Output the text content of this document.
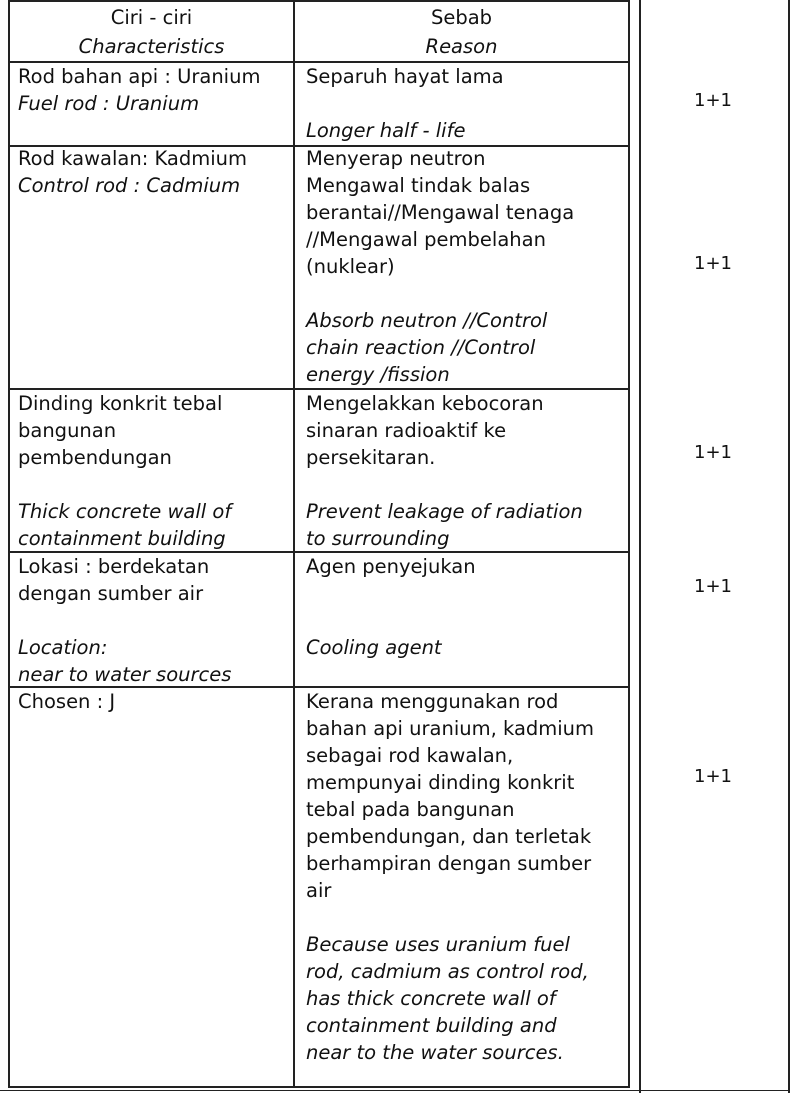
Ciri - ciri
Characteristics
Sebab
Reason
Rod bahan api : Uranium
Fuel rod : Uranium
Separuh hayat lama
Longer half - life
1+1
Rod kawalan: Kadmium
Control rod : Cadmium
Menyerap neutron
Mengawal tindak balas
berantai//Mengawal tenaga
//Mengawal pembelahan
(nuklear)
Absorb neutron //Control
chain reaction //Control
energy /fission
1+1
Dinding konkrit tebal
bangunan
pembendungan
Thick concrete wall of
containment building
Mengelakkan kebocoran
sinaran radioaktif ke
persekitaran.
Prevent leakage of radiation
to surrounding
1+1
Lokasi : berdekatan
dengan sumber air
Location:
near to water sources
Agen penyejukan
Cooling agent
1+1
Chosen : J	Kerana menggunakan rod
bahan api uranium, kadmium
sebagai rod kawalan,
mempunyai dinding konkrit
tebal pada bangunan
pembendungan, dan terletak
berhampiran dengan sumber
air
Because uses uranium fuel
rod, cadmium as control rod,
has thick concrete wall of
containment building and
near to the water sources.
1+1
